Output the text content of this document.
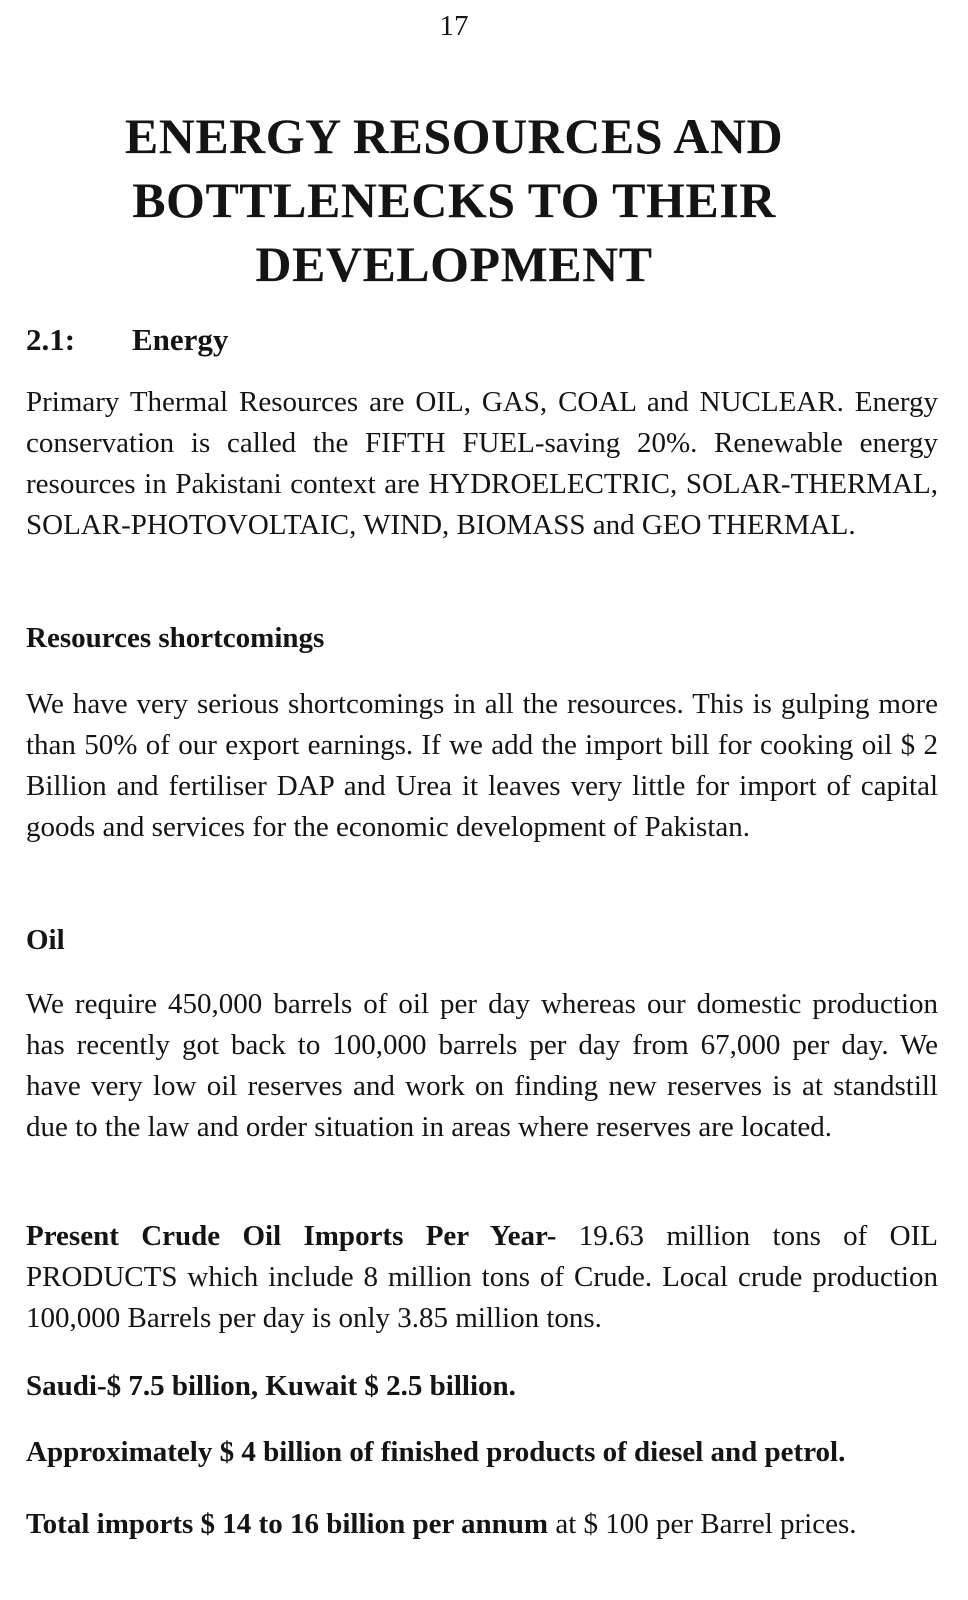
17
ENERGY RESOURCES AND
BOTTLENECKS TO THEIR
DEVELOPMENT
2.1: Energy

Primary Thermal Resources are OIL, GAS, COAL and NUCLEAR. Energy conservation is called the FIFTH FUEL-saving 20%. Renewable energy resources in Pakistani context are HYDROELECTRIC, SOLAR-THERMAL, SOLAR-PHOTOVOLTAIC, WIND, BIOMASS and GEO THERMAL.

Resources shortcomings

We have very serious shortcomings in all the resources. This is gulping more than 50% of our export earnings. If we add the import bill for cooking oil $ 2 Billion and fertiliser DAP and Urea it leaves very little for import of capital goods and services for the economic development of Pakistan.

Oil

We require 450,000 barrels of oil per day whereas our domestic production has recently got back to 100,000 barrels per day from 67,000 per day. We have very low oil reserves and work on finding new reserves is at standstill due to the law and order situation in areas where reserves are located.

Present Crude Oil Imports Per Year- 19.63 million tons of OIL PRODUCTS which include 8 million tons of Crude. Local crude production 100,000 Barrels per day is only 3.85 million tons.

Saudi-$ 7.5 billion, Kuwait $ 2.5 billion.

Approximately $ 4 billion of finished products of diesel and petrol.

Total imports $ 14 to 16 billion per annum at $ 100 per Barrel prices.
